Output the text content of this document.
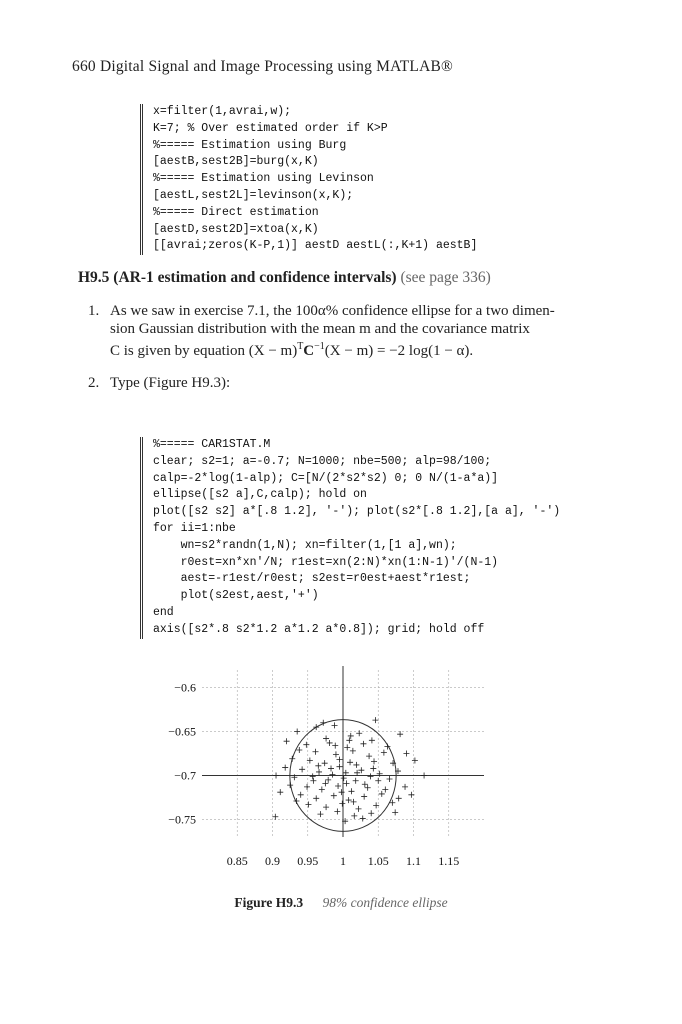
660 Digital Signal and Image Processing using MATLAB®
x=filter(1,avrai,w);
K=7; % Over estimated order if K>P
%===== Estimation using Burg
[aestB,sest2B]=burg(x,K)
%===== Estimation using Levinson
[aestL,sest2L]=levinson(x,K);
%===== Direct estimation
[aestD,sest2D]=xtoa(x,K)
[[avrai;zeros(K-P,1)] aestD aestL(:,K+1) aestB]
H9.5 (AR-1 estimation and confidence intervals) (see page 336)
1. As we saw in exercise 7.1, the 100α% confidence ellipse for a two dimen-
sion Gaussian distribution with the mean m and the covariance matrix
C is given by equation $(X - m)^TC^{-1}(X - m) = -2$ log(1 − α).
2. Type (Figure H9.3):
%===== CAR1STAT.M
clear; s2=1; a=-0.7; N=1000; nbe=500; alp=98/100;
calp=-2*log(1-alp); C=[N/(2*s2*s2) 0; 0 N/(1-a*a)]
ellipse([s2 a],C,calp); hold on
plot([s2 s2] a*[.8 1.2], '-'); plot(s2*[.8 1.2],[a a], '-')
for ii=1:nbe
wn=s2*randn(1,N); xn=filter(1,[1 a],wn);
r0est=xn*xn'/N; r1est=xn(2:N)*xn(1:N-1)'/(N-1)
aest=-r1est/r0est; s2est=r0est+aest*r1est;
plot(s2est,aest,'+')
end
axis([s2*.8 s2*1.2 a*1.2 a*0.8]); grid; hold off
0.85 0.9 0.95 1 1.05 1.1 1.15
−0.6
−0.65
−0.7
−0.75
Figure H9.3 98% confidence ellipse
